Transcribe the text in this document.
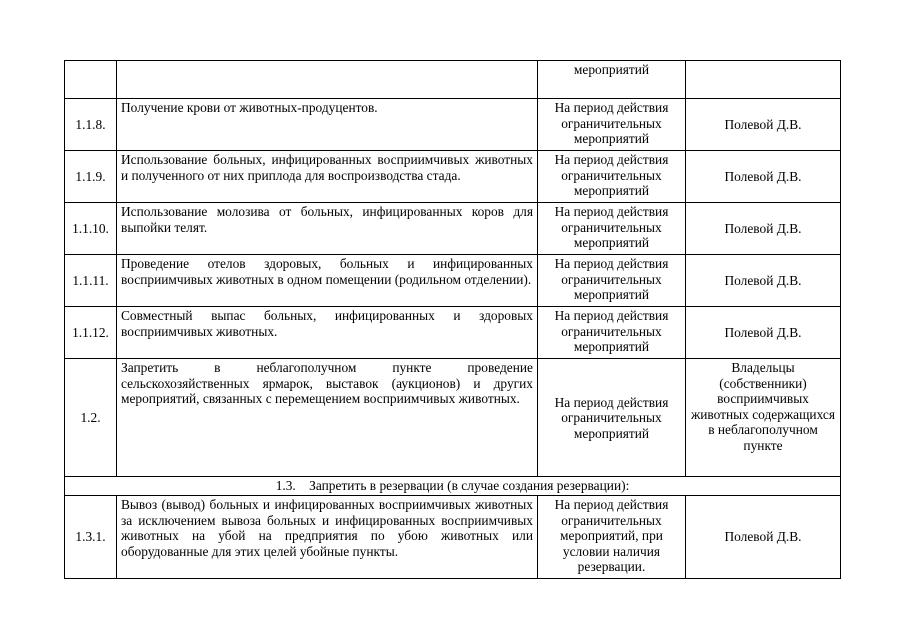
		мероприятий	
1.1.8.	Получение крови от животных-продуцентов.	На период действия ограничительных мероприятий	Полевой Д.В.
1.1.9.	Использование больных, инфицированных восприимчивых животных и полученного от них приплода для воспроизводства стада.	На период действия ограничительных мероприятий	Полевой Д.В.
1.1.10.	Использование молозива от больных, инфицированных коров для выпойки телят.	На период действия ограничительных мероприятий	Полевой Д.В.
1.1.11.	Проведение отелов здоровых, больных и инфицированных восприимчивых животных в одном помещении (родильном отделении).	На период действия ограничительных мероприятий	Полевой Д.В.
1.1.12.	Совместный выпас больных, инфицированных и здоровых восприимчивых животных.	На период действия ограничительных мероприятий	Полевой Д.В.
1.2.	Запретить в неблагополучном пункте проведение сельскохозяйственных ярмарок, выставок (аукционов) и других мероприятий, связанных с перемещением восприимчивых животных.	На период действия ограничительных мероприятий	Владельцы (собственники) восприимчивых животных содержащихся в неблагополучном пункте
1.3.    Запретить в резервации (в случае создания резервации):			
1.3.1.	Вывоз (вывод) больных и инфицированных восприимчивых животных за исключением вывоза больных и инфицированных восприимчивых животных на убой на предприятия по убою животных или оборудованные для этих целей убойные пункты.	На период действия ограничительных мероприятий, при условии наличия резервации.	Полевой Д.В.
